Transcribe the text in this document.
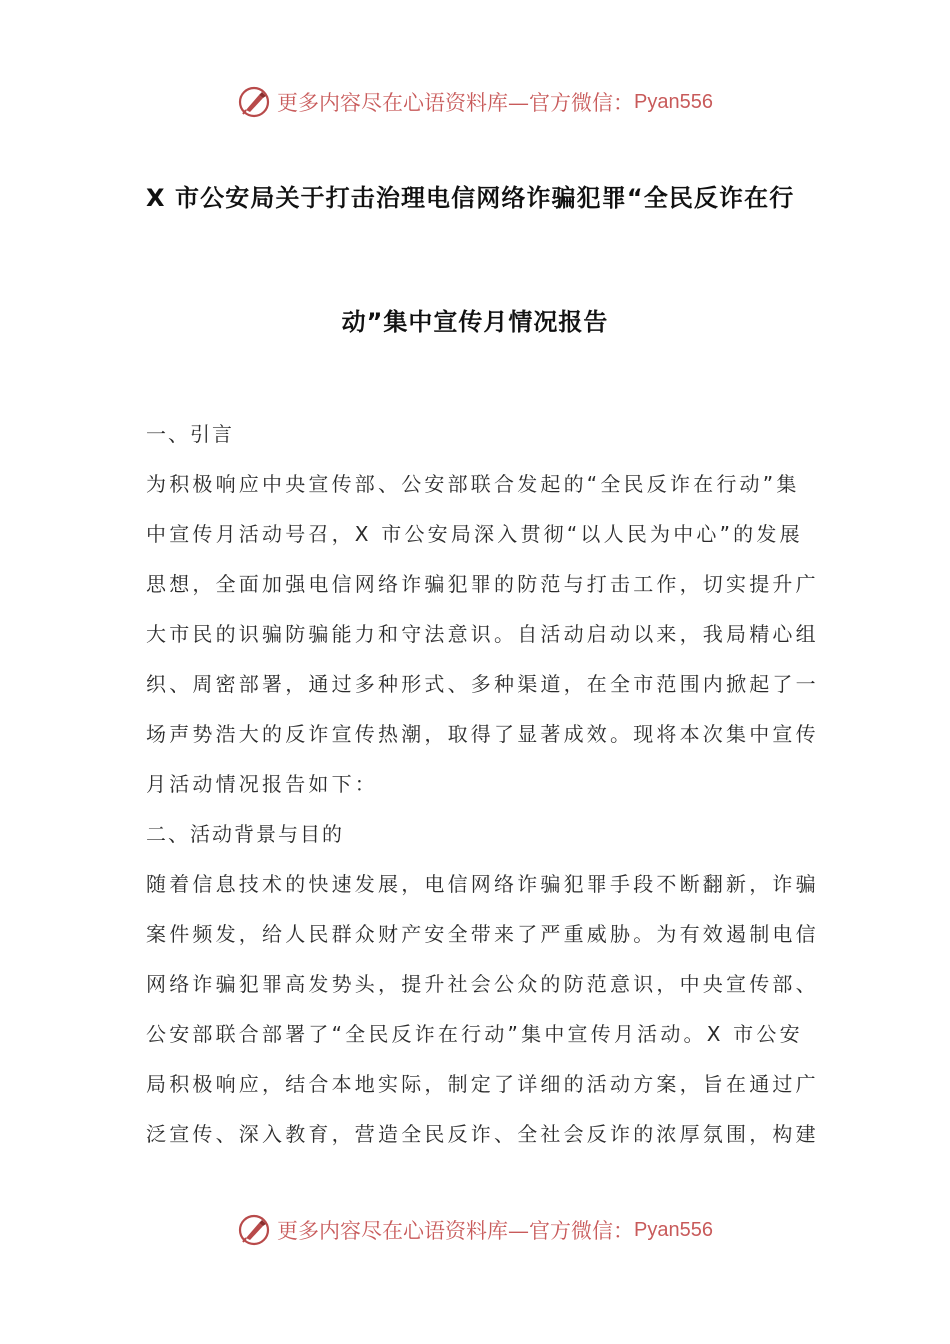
更多内容尽在心语资料库—官方微信： Pyan556
X 市公安局关于打击治理电信网络诈骗犯罪“全民反诈在行
动”集中宣传月情况报告
一、引言
为积极响应中央宣传部、公安部联合发起的“全民反诈在行动”集
中宣传月活动号召，X 市公安局深入贯彻“以人民为中心”的发展
思想，全面加强电信网络诈骗犯罪的防范与打击工作，切实提升广
大市民的识骗防骗能力和守法意识。自活动启动以来，我局精心组
织、周密部署，通过多种形式、多种渠道，在全市范围内掀起了一
场声势浩大的反诈宣传热潮，取得了显著成效。现将本次集中宣传
月活动情况报告如下：
二、活动背景与目的
随着信息技术的快速发展，电信网络诈骗犯罪手段不断翻新，诈骗
案件频发，给人民群众财产安全带来了严重威胁。为有效遏制电信
网络诈骗犯罪高发势头，提升社会公众的防范意识，中央宣传部、
公安部联合部署了“全民反诈在行动”集中宣传月活动。X 市公安
局积极响应，结合本地实际，制定了详细的活动方案，旨在通过广
泛宣传、深入教育，营造全民反诈、全社会反诈的浓厚氛围，构建
更多内容尽在心语资料库—官方微信： Pyan556
